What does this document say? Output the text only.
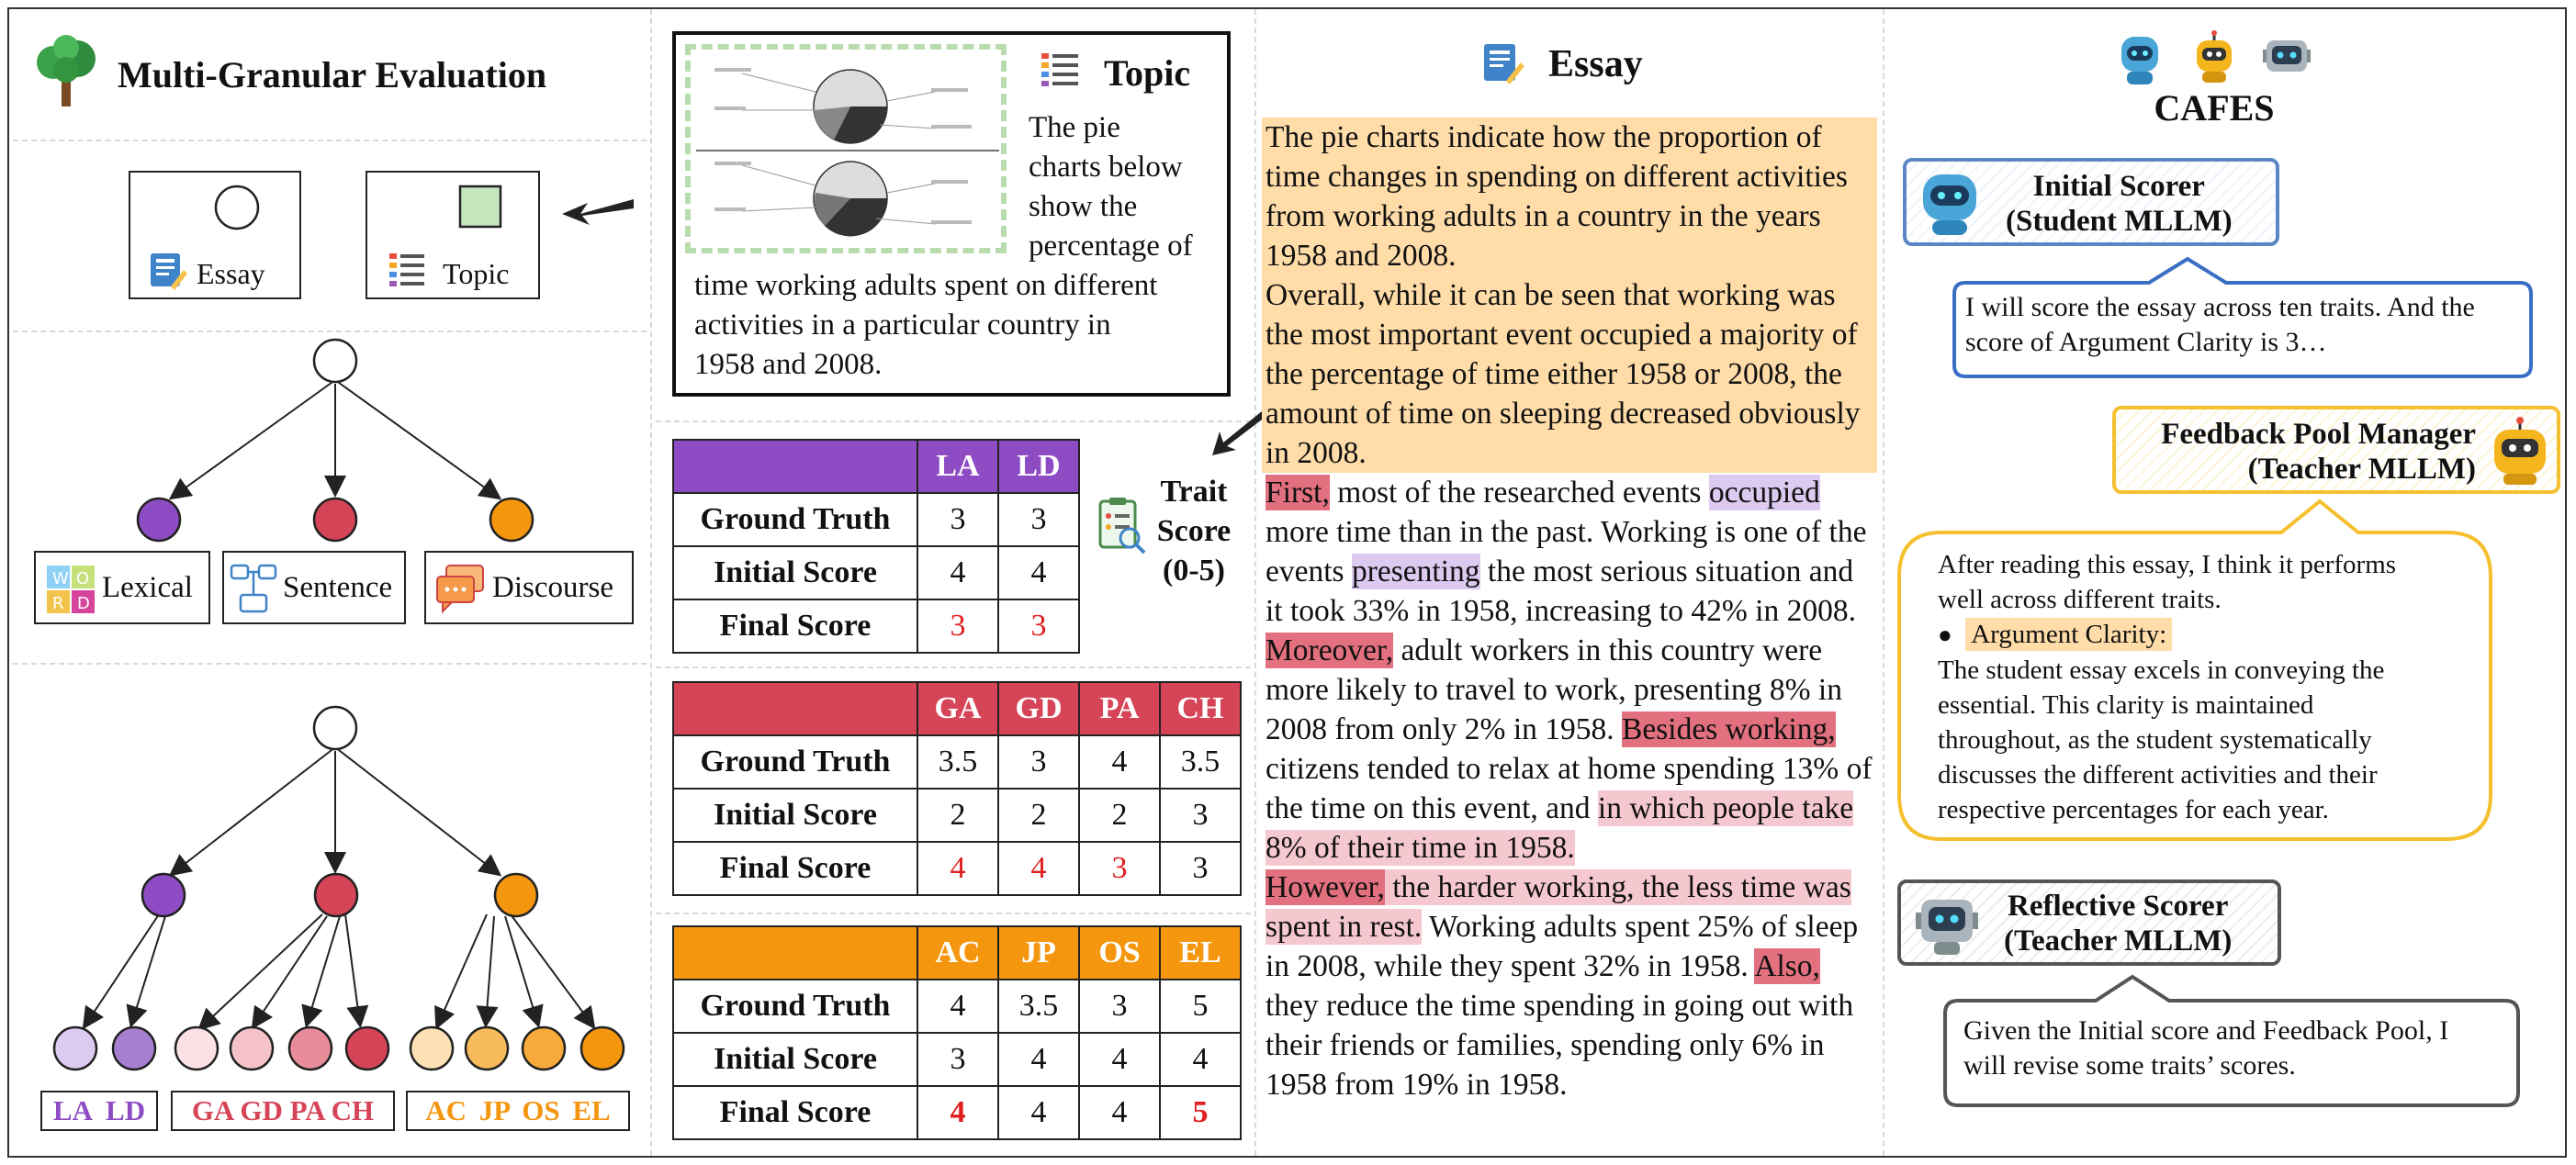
Multi-Granular Evaluation
Essay	Topic
W O
R D Lexical	Sentence	Discourse
LA LD	GA GD PA CH	AC JP OS EL
Topic
The pie
charts below
show the
percentage of
time working adults spent on different
activities in a particular country in
1958 and 2008.
	LA	LD
Ground Truth	3	3
Initial Score	4	4
Final Score	3	3
Trait
Score
(0-5)
	GA	GD	PA	CH
Ground Truth	3.5	3	4	3.5
Initial Score	2	2	2	3
Final Score	4	4	3	3
	AC	JP	OS	EL
Ground Truth	4	3.5	3	5
Initial Score	3	4	4	4
Final Score	4	4	4	5
Essay
The pie charts indicate how the proportion of time changes in spending on different activities from working adults in a country in the years 1958 and 2008.
Overall, while it can be seen that working was the most important event occupied a majority of the percentage of time either 1958 or 2008, the amount of time on sleeping decreased obviously in 2008.
First, most of the researched events occupied more time than in the past. Working is one of the events presenting the most serious situation and it took 33% in 1958, increasing to 42% in 2008. Moreover, adult workers in this country were more likely to travel to work, presenting 8% in 2008 from only 2% in 1958. Besides working, citizens tended to relax at home spending 13% of the time on this event, and in which people take 8% of their time in 1958.
However, the harder working, the less time was spent in rest. Working adults spent 25% of sleep in 2008, while they spent 32% in 1958. Also, they reduce the time spending in going out with their friends or families, spending only 6% in 1958 from 19% in 1958.
CAFES
Initial Scorer
(Student MLLM)
I will score the essay across ten traits. And the
score of Argument Clarity is 3…
Feedback Pool Manager
(Teacher MLLM)
After reading this essay, I think it performs
well across different traits.
● Argument Clarity:
The student essay excels in conveying the
essential. This clarity is maintained
throughout, as the student systematically
discusses the different activities and their
respective percentages for each year.
Reflective Scorer
(Teacher MLLM)
Given the Initial score and Feedback Pool, I
will revise some traits’ scores.
